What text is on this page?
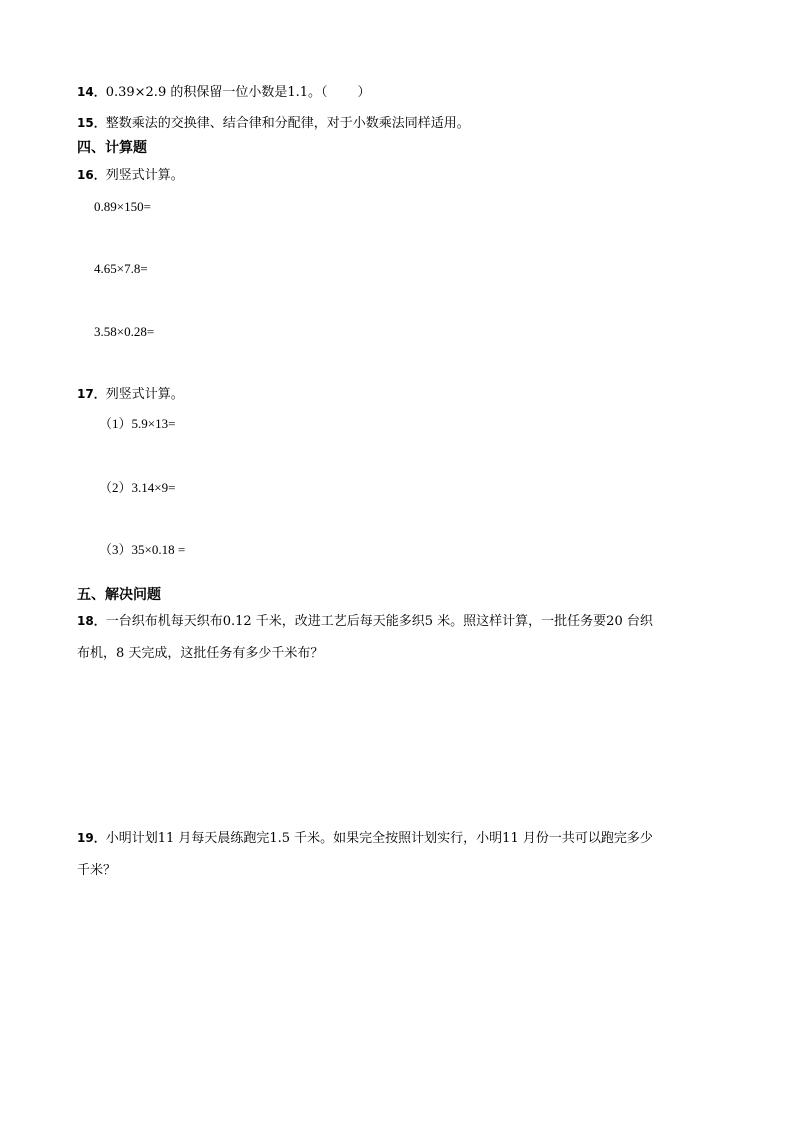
14．0.39×2.9 的积保留一位小数是1.1。（ ）
15．整数乘法的交换律、结合律和分配律，对于小数乘法同样适用。
四、计算题
16．列竖式计算。
0.89×150=
4.65×7.8=
3.58×0.28=
17．列竖式计算。
（1）5.9×13=
（2）3.14×9=
（3）35×0.18 =
五、解决问题
18．一台织布机每天织布0.12 千米，改进工艺后每天能多织5 米。照这样计算，一批任务要20 台织
布机，8 天完成，这批任务有多少千米布？
19．小明计划11 月每天晨练跑完1.5 千米。如果完全按照计划实行，小明11 月份一共可以跑完多少
千米？
